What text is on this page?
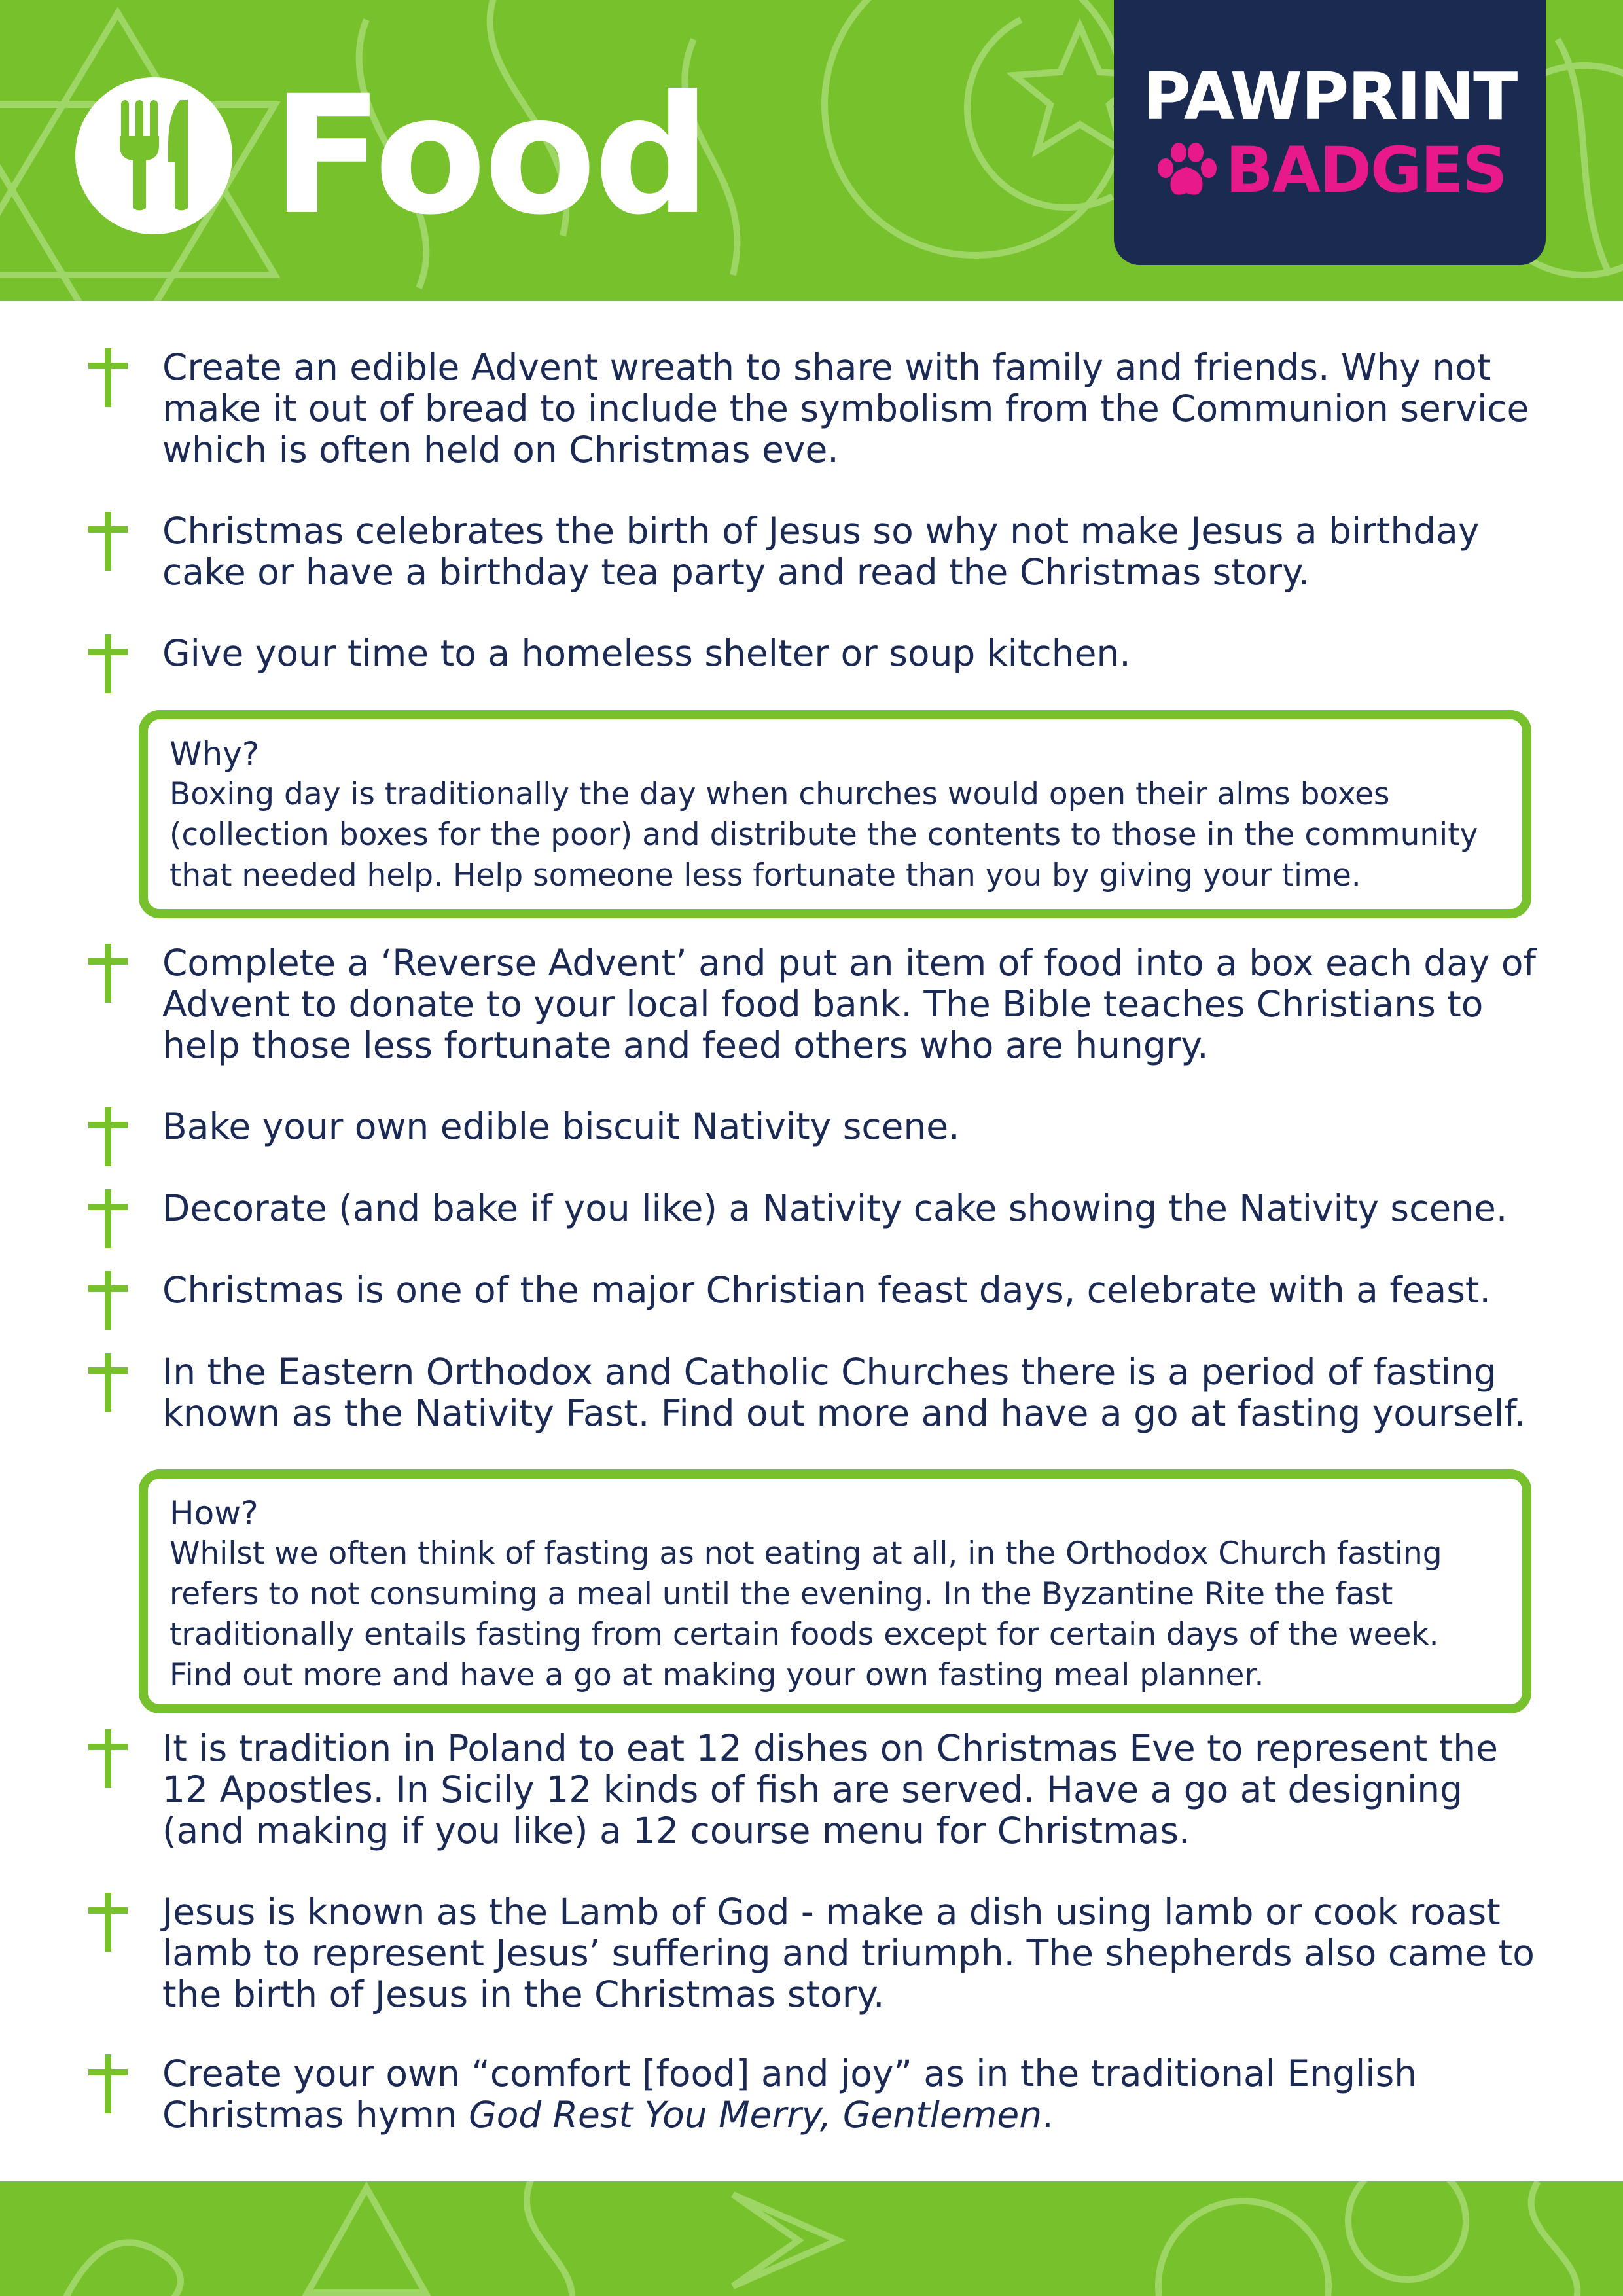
Food	PAWPRINT
BADGES
Create an edible Advent wreath to share with family and friends. Why not make it out of bread to include the symbolism from the Communion service which is often held on Christmas eve.
Christmas celebrates the birth of Jesus so why not make Jesus a birthday cake or have a birthday tea party and read the Christmas story.
Give your time to a homeless shelter or soup kitchen.
Why?
Boxing day is traditionally the day when churches would open their alms boxes (collection boxes for the poor) and distribute the contents to those in the community that needed help. Help someone less fortunate than you by giving your time.
Complete a ‘Reverse Advent’ and put an item of food into a box each day of Advent to donate to your local food bank. The Bible teaches Christians to help those less fortunate and feed others who are hungry.
Bake your own edible biscuit Nativity scene.
Decorate (and bake if you like) a Nativity cake showing the Nativity scene.
Christmas is one of the major Christian feast days, celebrate with a feast.
In the Eastern Orthodox and Catholic Churches there is a period of fasting known as the Nativity Fast. Find out more and have a go at fasting yourself.
How?
Whilst we often think of fasting as not eating at all, in the Orthodox Church fasting refers to not consuming a meal until the evening. In the Byzantine Rite the fast traditionally entails fasting from certain foods except for certain days of the week. Find out more and have a go at making your own fasting meal planner.
It is tradition in Poland to eat 12 dishes on Christmas Eve to represent the 12 Apostles. In Sicily 12 kinds of fish are served. Have a go at designing (and making if you like) a 12 course menu for Christmas.
Jesus is known as the Lamb of God - make a dish using lamb or cook roast lamb to represent Jesus’ suffering and triumph. The shepherds also came to the birth of Jesus in the Christmas story.
Create your own “comfort [food] and joy” as in the traditional English Christmas hymn God Rest You Merry, Gentlemen.
